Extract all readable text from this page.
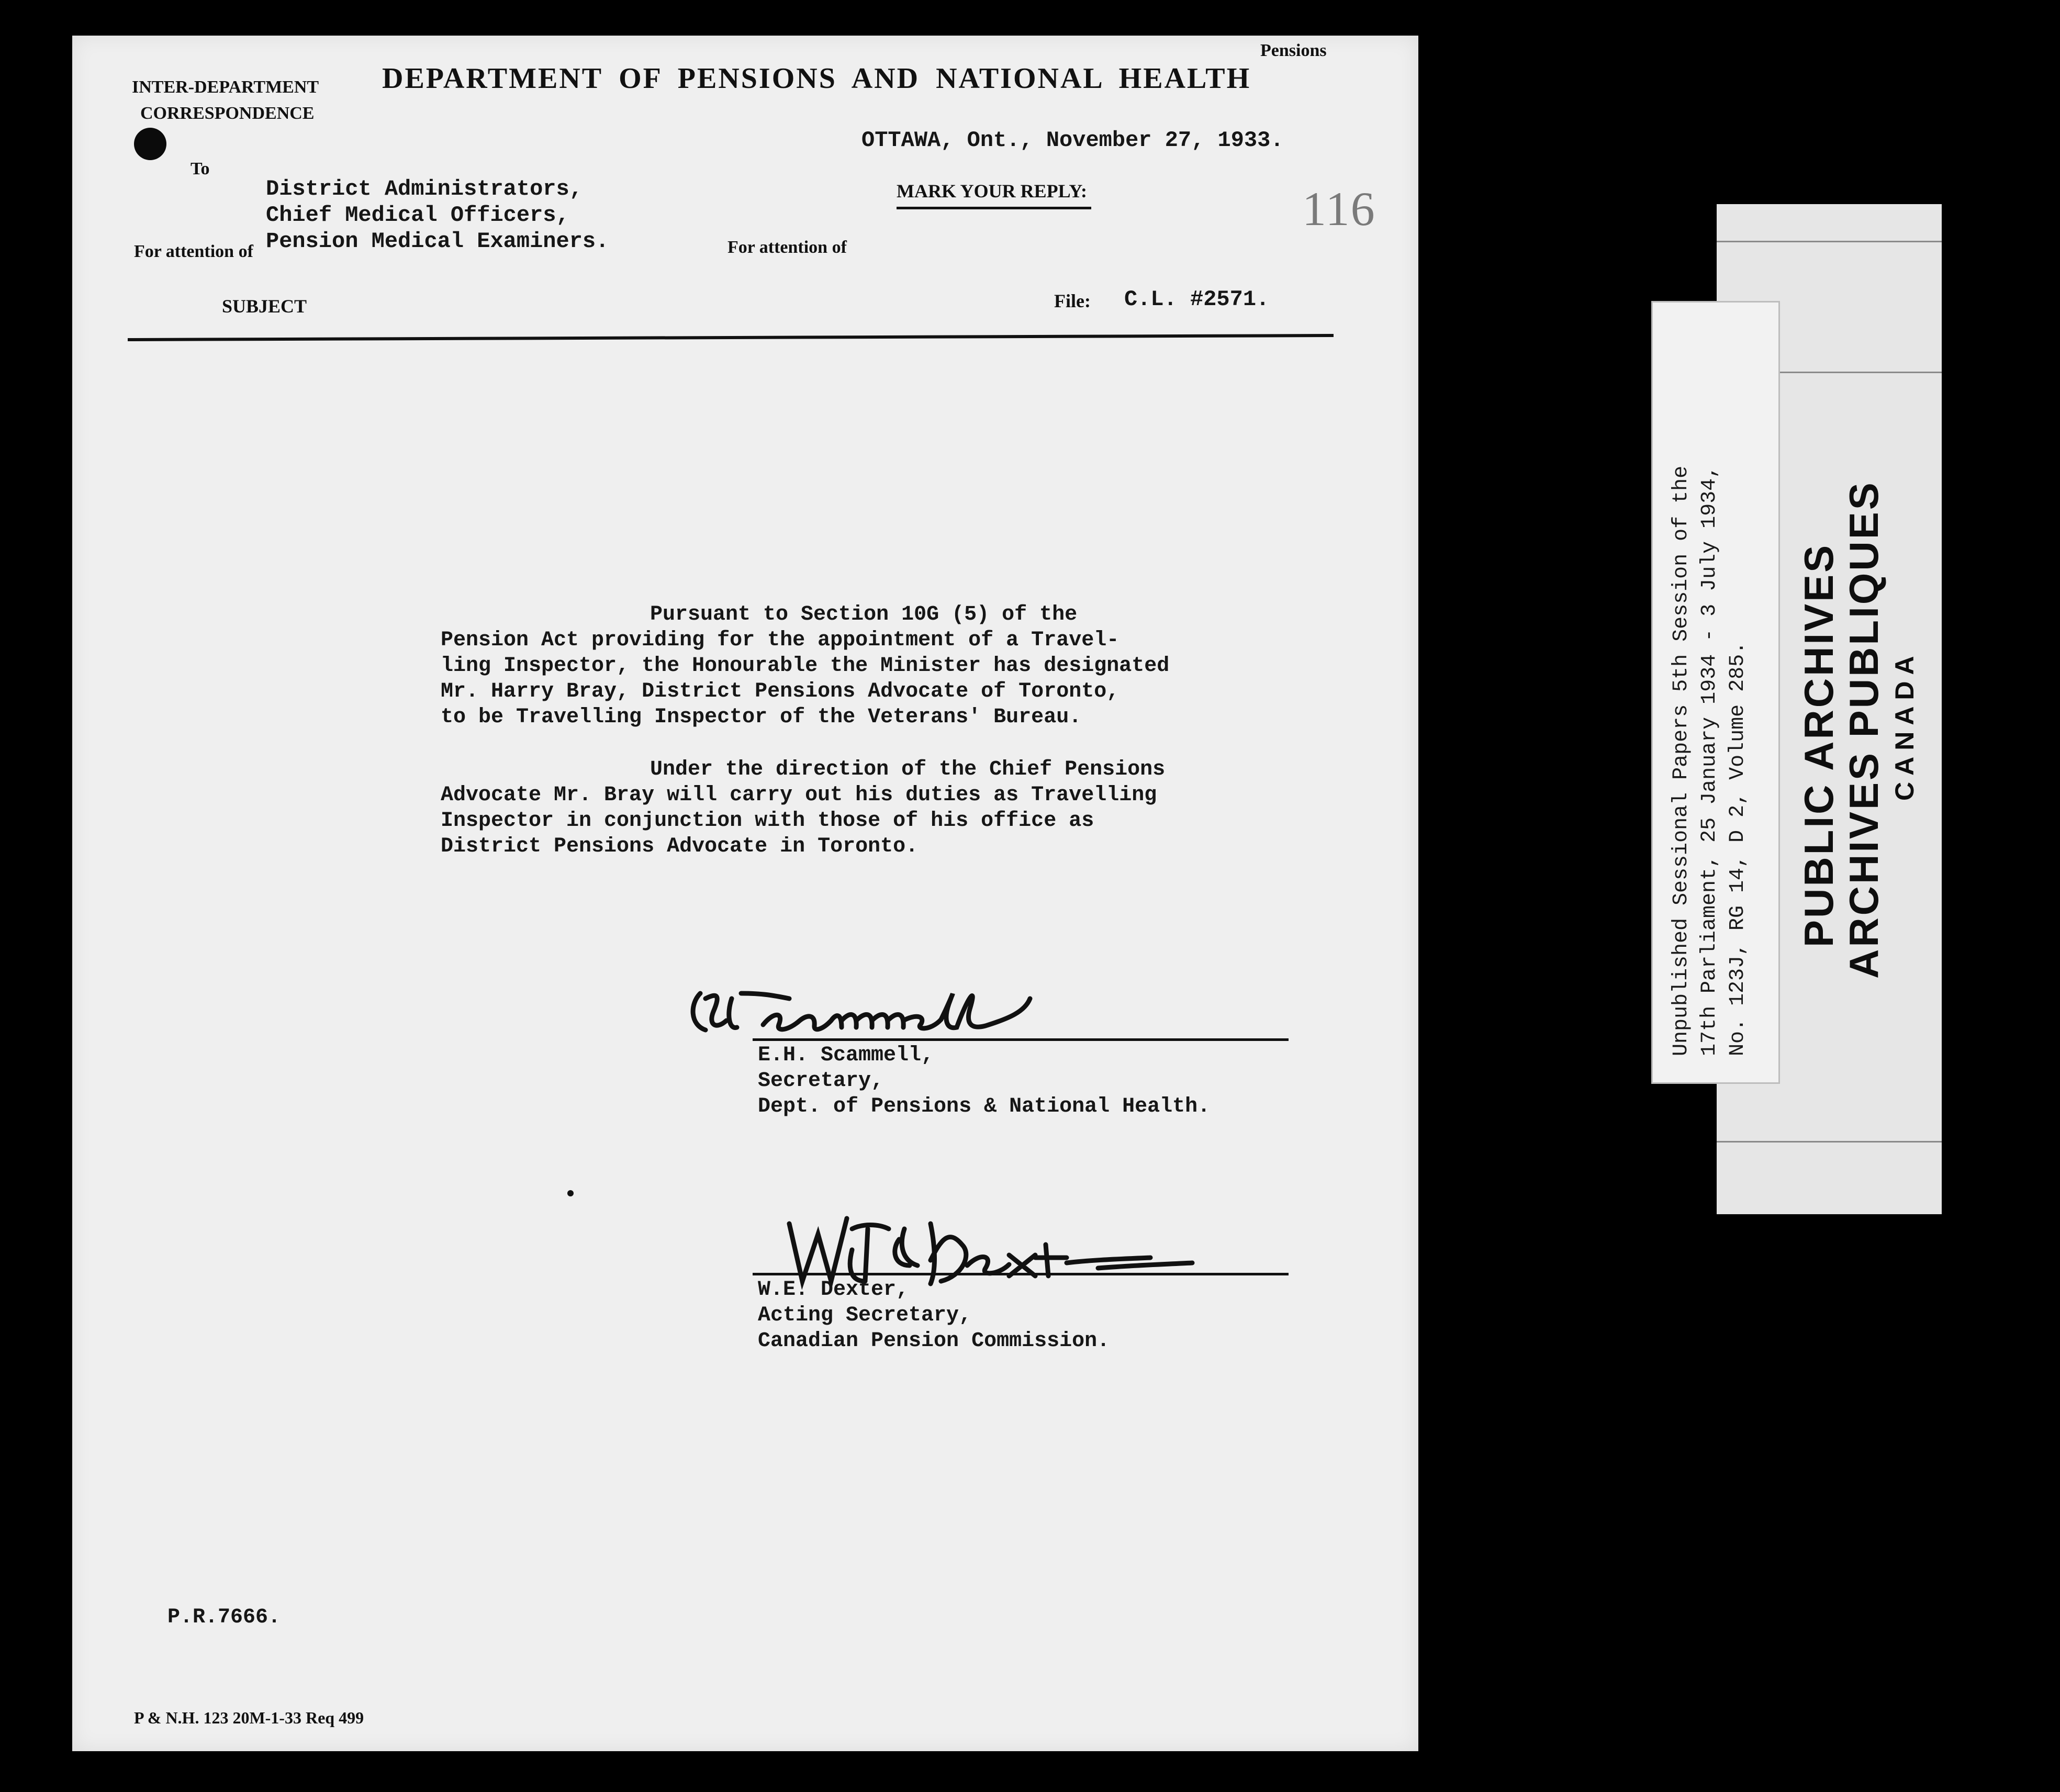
INTER-DEPARTMENT
CORRESPONDENCE
DEPARTMENT OF PENSIONS AND NATIONAL HEALTH
Pensions
OTTAWA, Ont., November 27, 1933.
To
District Administrators,
Chief Medical Officers,
Pension Medical Examiners.
For attention of	For attention of
MARK YOUR REPLY:	116
SUBJECT	File: C.L. #2571.
Pursuant to Section 10G (5) of the
Pension Act providing for the appointment of a Travel-
ling Inspector, the Honourable the Minister has designated
Mr. Harry Bray, District Pensions Advocate of Toronto,
to be Travelling Inspector of the Veterans' Bureau.
Under the direction of the Chief Pensions
Advocate Mr. Bray will carry out his duties as Travelling
Inspector in conjunction with those of his office as
District Pensions Advocate in Toronto.
E.H. Scammell,
Secretary,
Dept. of Pensions & National Health.
W.E. Dexter,
Acting Secretary,
Canadian Pension Commission.
P.R.7666.
P & N.H. 123 20M-1-33 Req 499
PUBLIC ARCHIVES
ARCHIVES PUBLIQUES CANADA
Unpublished Sessional Papers 5th Session of the 17th Parliament, 25 January 1934 - 3 July 1934, No. 123J, RG 14, D 2, Volume 285.
